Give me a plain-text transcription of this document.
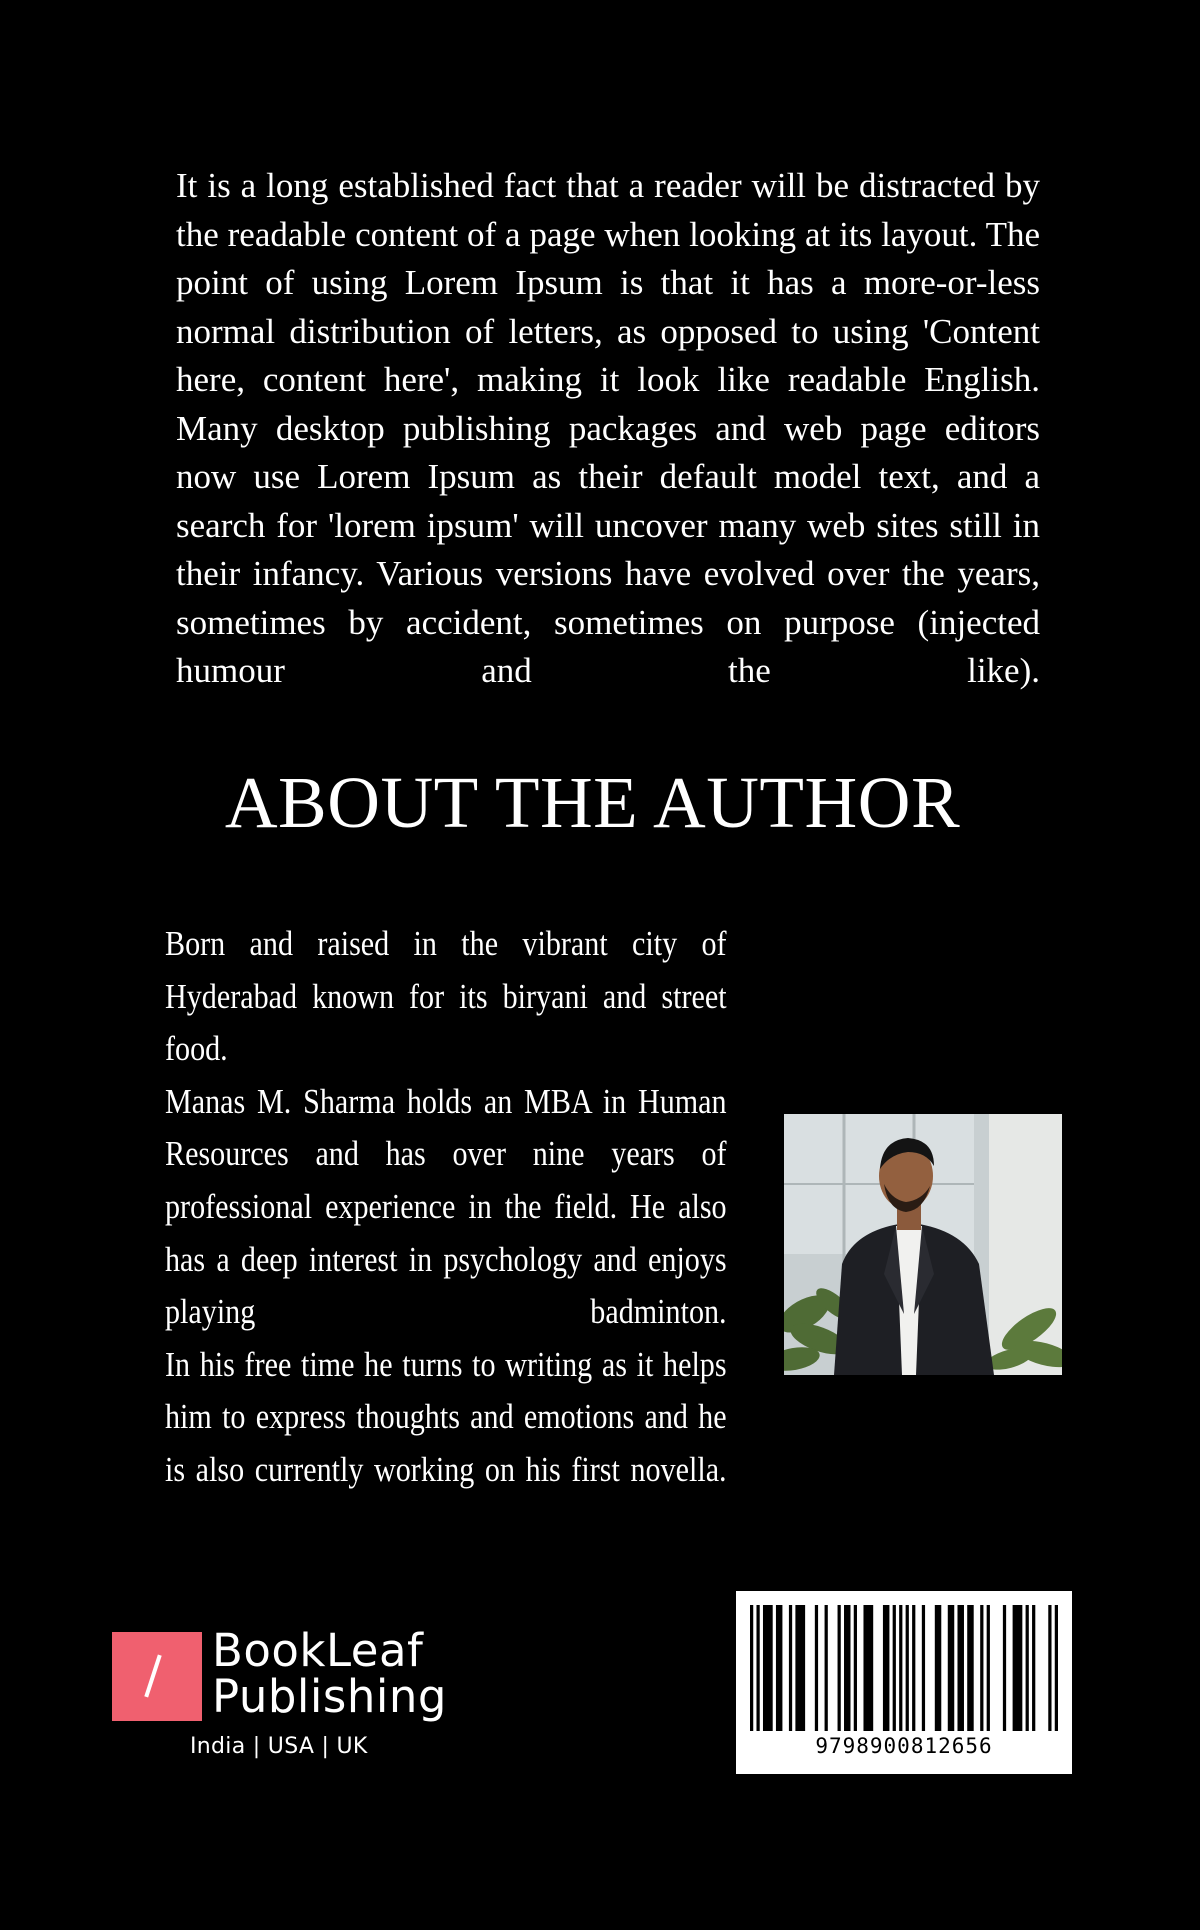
It is a long established fact that a reader will be distracted by the readable content of a page when looking at its layout. The point of using Lorem Ipsum is that it has a more-or-less normal distribution of letters, as opposed to using 'Content here, content here', making it look like readable English. Many desktop publishing packages and web page editors now use Lorem Ipsum as their default model text, and a search for 'lorem ipsum' will uncover many web sites still in their infancy. Various versions have evolved over the years, sometimes by accident, sometimes on purpose (injected humour and the like).

ABOUT THE AUTHOR

Born and raised in the vibrant city of Hyderabad known for its biryani and street food.

Manas M. Sharma holds an MBA in Human Resources and has over nine years of professional experience in the field. He also has a deep interest in psychology and enjoys playing badminton.

In his free time he turns to writing as it helps him to express thoughts and emotions and he is also currently working on his first novella.

BookLeaf
Publishing
India | USA | UK	9798900812656
